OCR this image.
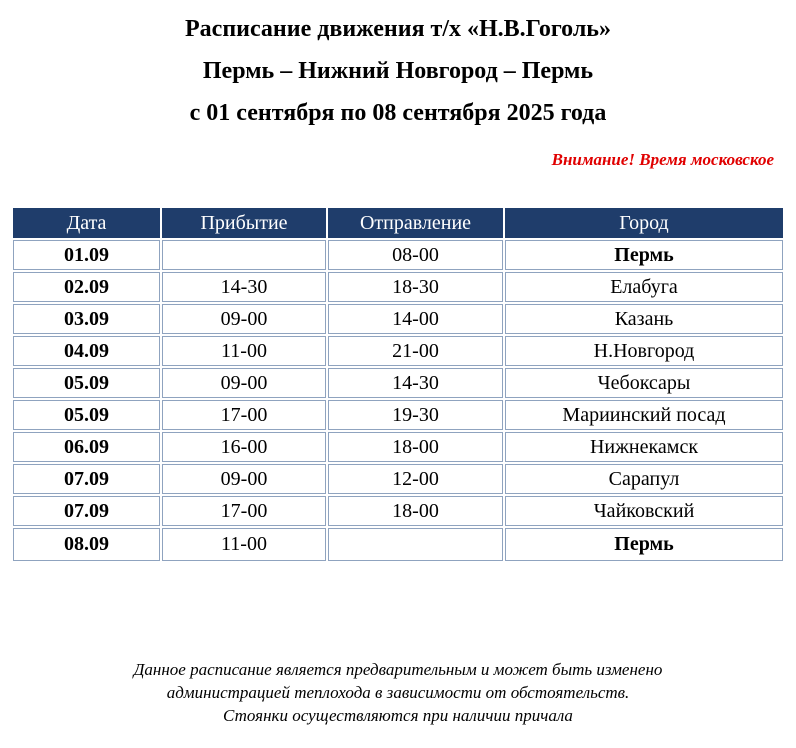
Расписание движения т/х «Н.В.Гоголь»
Пермь – Нижний Новгород – Пермь
с 01 сентября по 08 сентября 2025 года
Внимание! Время московское
Дата	Прибытие	Отправление	Город
01.09		08-00	Пермь
02.09	14-30	18-30	Елабуга
03.09	09-00	14-00	Казань
04.09	11-00	21-00	Н.Новгород
05.09	09-00	14-30	Чебоксары
05.09	17-00	19-30	Мариинский посад
06.09	16-00	18-00	Нижнекамск
07.09	09-00	12-00	Сарапул
07.09	17-00	18-00	Чайковский
08.09	11-00		Пермь
Данное расписание является предварительным и может быть изменено
администрацией теплохода в зависимости от обстоятельств.
Стоянки осуществляются при наличии причала
